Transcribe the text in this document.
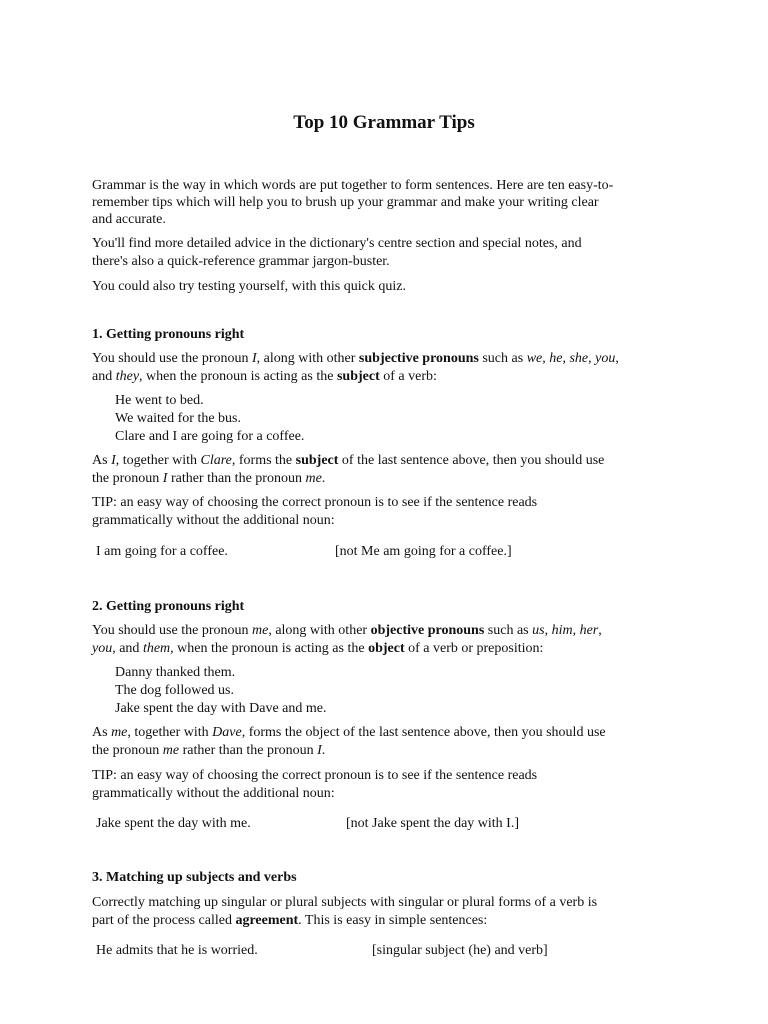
Top 10 Grammar Tips

Grammar is the way in which words are put together to form sentences. Here are ten easy-to-

remember tips which will help you to brush up your grammar and make your writing clear

and accurate.

You'll find more detailed advice in the dictionary's centre section and special notes, and

there's also a quick-reference grammar jargon-buster.

You could also try testing yourself, with this quick quiz.

1. Getting pronouns right

You should use the pronoun I, along with other subjective pronouns such as we, he, she, you,

and they, when the pronoun is acting as the subject of a verb:

He went to bed.

We waited for the bus.

Clare and I are going for a coffee.

As I, together with Clare, forms the subject of the last sentence above, then you should use

the pronoun I rather than the pronoun me.

TIP: an easy way of choosing the correct pronoun is to see if the sentence reads

grammatically without the additional noun:

I am going for a coffee.	[not Me am going for a coffee.]

2. Getting pronouns right

You should use the pronoun me, along with other objective pronouns such as us, him, her,

you, and them, when the pronoun is acting as the object of a verb or preposition:

Danny thanked them.

The dog followed us.

Jake spent the day with Dave and me.

As me, together with Dave, forms the object of the last sentence above, then you should use

the pronoun me rather than the pronoun I.

TIP: an easy way of choosing the correct pronoun is to see if the sentence reads

grammatically without the additional noun:

Jake spent the day with me.	[not Jake spent the day with I.]

3. Matching up subjects and verbs

Correctly matching up singular or plural subjects with singular or plural forms of a verb is

part of the process called agreement. This is easy in simple sentences:

He admits that he is worried.	[singular subject (he) and verb]
